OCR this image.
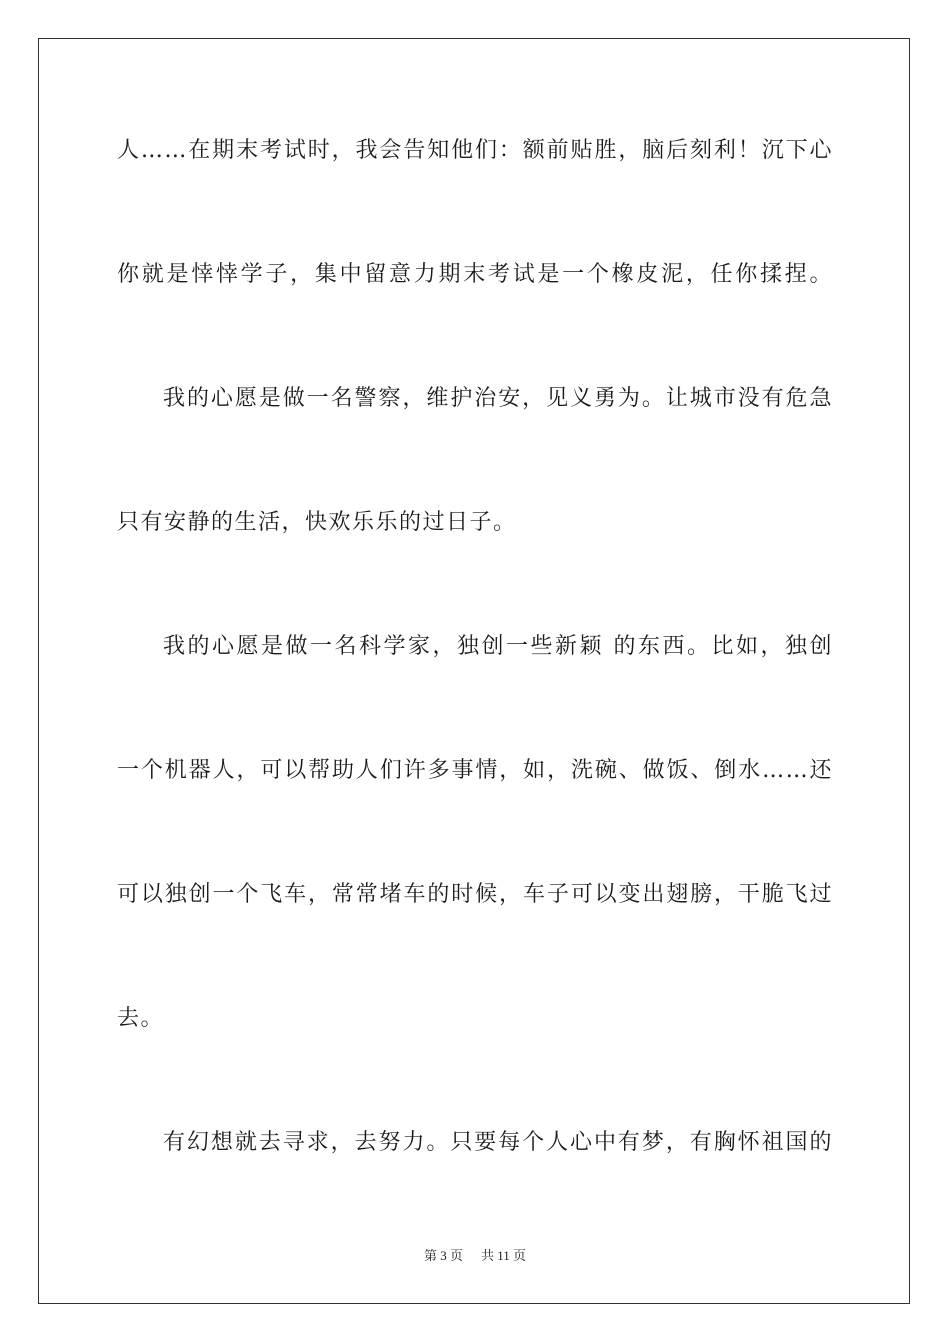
人……在期末考试时，我会告知他们：额前贴胜，脑后刻利！沉下心
你就是悻悻学子，集中留意力期末考试是一个橡皮泥，任你揉捏。
我的心愿是做一名警察，维护治安，见义勇为。让城市没有危急
只有安静的生活，快欢乐乐的过日子。
我的心愿是做一名科学家，独创一些新颖 的东西。比如，独创
一个机器人，可以帮助人们许多事情，如，洗碗、做饭、倒水……还
可以独创一个飞车，常常堵车的时候，车子可以变出翅膀，干脆飞过
去。
有幻想就去寻求，去努力。只要每个人心中有梦，有胸怀祖国的
第 3 页 共 11 页
